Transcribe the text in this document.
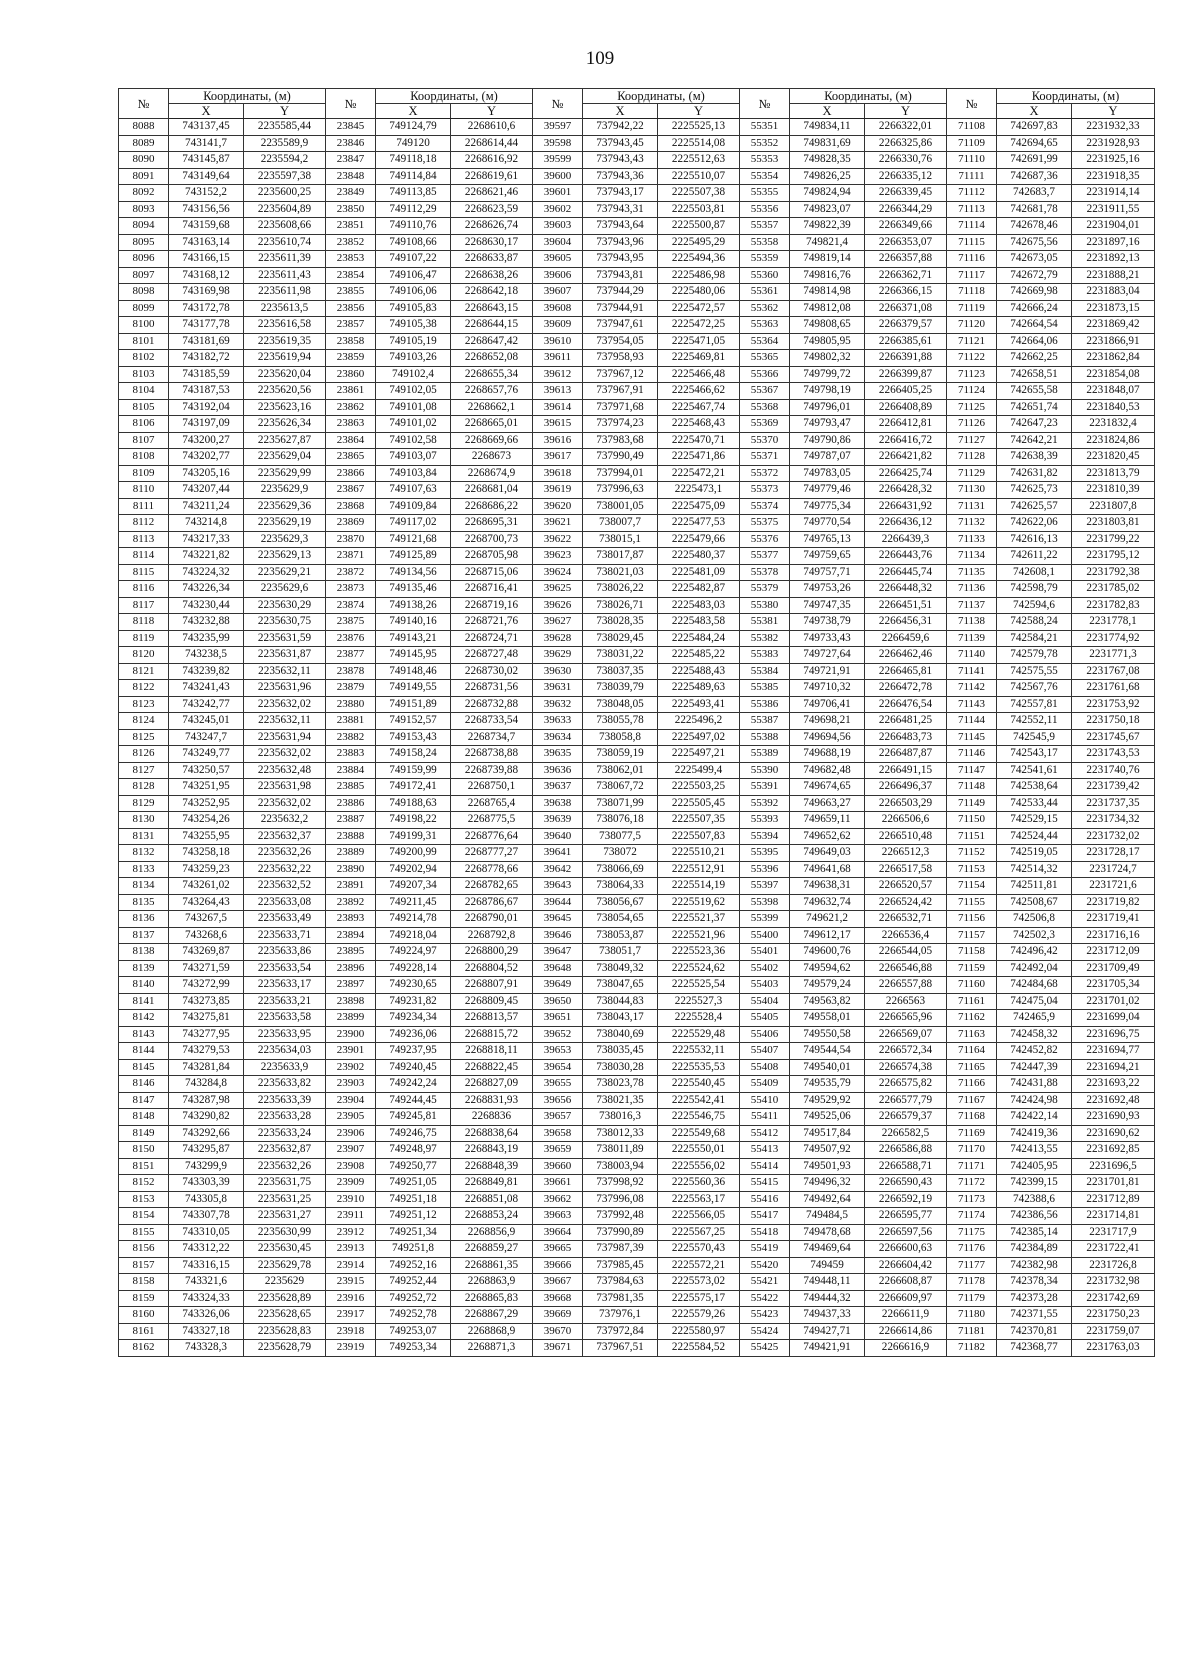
109
№	Координаты, (м)		№	Координаты, (м)		№	Координаты, (м)		№	Координаты, (м)		№	Координаты, (м)	
	X	Y		X	Y		X	Y		X	Y		X	Y
8088	743137,45	2235585,44	23845	749124,79	2268610,6	39597	737942,22	2225525,13	55351	749834,11	2266322,01	71108	742697,83	2231932,33
8089	743141,7	2235589,9	23846	749120	2268614,44	39598	737943,45	2225514,08	55352	749831,69	2266325,86	71109	742694,65	2231928,93
8090	743145,87	2235594,2	23847	749118,18	2268616,92	39599	737943,43	2225512,63	55353	749828,35	2266330,76	71110	742691,99	2231925,16
8091	743149,64	2235597,38	23848	749114,84	2268619,61	39600	737943,36	2225510,07	55354	749826,25	2266335,12	71111	742687,36	2231918,35
8092	743152,2	2235600,25	23849	749113,85	2268621,46	39601	737943,17	2225507,38	55355	749824,94	2266339,45	71112	742683,7	2231914,14
8093	743156,56	2235604,89	23850	749112,29	2268623,59	39602	737943,31	2225503,81	55356	749823,07	2266344,29	71113	742681,78	2231911,55
8094	743159,68	2235608,66	23851	749110,76	2268626,74	39603	737943,64	2225500,87	55357	749822,39	2266349,66	71114	742678,46	2231904,01
8095	743163,14	2235610,74	23852	749108,66	2268630,17	39604	737943,96	2225495,29	55358	749821,4	2266353,07	71115	742675,56	2231897,16
8096	743166,15	2235611,39	23853	749107,22	2268633,87	39605	737943,95	2225494,36	55359	749819,14	2266357,88	71116	742673,05	2231892,13
8097	743168,12	2235611,43	23854	749106,47	2268638,26	39606	737943,81	2225486,98	55360	749816,76	2266362,71	71117	742672,79	2231888,21
8098	743169,98	2235611,98	23855	749106,06	2268642,18	39607	737944,29	2225480,06	55361	749814,98	2266366,15	71118	742669,98	2231883,04
8099	743172,78	2235613,5	23856	749105,83	2268643,15	39608	737944,91	2225472,57	55362	749812,08	2266371,08	71119	742666,24	2231873,15
8100	743177,78	2235616,58	23857	749105,38	2268644,15	39609	737947,61	2225472,25	55363	749808,65	2266379,57	71120	742664,54	2231869,42
8101	743181,69	2235619,35	23858	749105,19	2268647,42	39610	737954,05	2225471,05	55364	749805,95	2266385,61	71121	742664,06	2231866,91
8102	743182,72	2235619,94	23859	749103,26	2268652,08	39611	737958,93	2225469,81	55365	749802,32	2266391,88	71122	742662,25	2231862,84
8103	743185,59	2235620,04	23860	749102,4	2268655,34	39612	737967,12	2225466,48	55366	749799,72	2266399,87	71123	742658,51	2231854,08
8104	743187,53	2235620,56	23861	749102,05	2268657,76	39613	737967,91	2225466,62	55367	749798,19	2266405,25	71124	742655,58	2231848,07
8105	743192,04	2235623,16	23862	749101,08	2268662,1	39614	737971,68	2225467,74	55368	749796,01	2266408,89	71125	742651,74	2231840,53
8106	743197,09	2235626,34	23863	749101,02	2268665,01	39615	737974,23	2225468,43	55369	749793,47	2266412,81	71126	742647,23	2231832,4
8107	743200,27	2235627,87	23864	749102,58	2268669,66	39616	737983,68	2225470,71	55370	749790,86	2266416,72	71127	742642,21	2231824,86
8108	743202,77	2235629,04	23865	749103,07	2268673	39617	737990,49	2225471,86	55371	749787,07	2266421,82	71128	742638,39	2231820,45
8109	743205,16	2235629,99	23866	749103,84	2268674,9	39618	737994,01	2225472,21	55372	749783,05	2266425,74	71129	742631,82	2231813,79
8110	743207,44	2235629,9	23867	749107,63	2268681,04	39619	737996,63	2225473,1	55373	749779,46	2266428,32	71130	742625,73	2231810,39
8111	743211,24	2235629,36	23868	749109,84	2268686,22	39620	738001,05	2225475,09	55374	749775,34	2266431,92	71131	742625,57	2231807,8
8112	743214,8	2235629,19	23869	749117,02	2268695,31	39621	738007,7	2225477,53	55375	749770,54	2266436,12	71132	742622,06	2231803,81
8113	743217,33	2235629,3	23870	749121,68	2268700,73	39622	738015,1	2225479,66	55376	749765,13	2266439,3	71133	742616,13	2231799,22
8114	743221,82	2235629,13	23871	749125,89	2268705,98	39623	738017,87	2225480,37	55377	749759,65	2266443,76	71134	742611,22	2231795,12
8115	743224,32	2235629,21	23872	749134,56	2268715,06	39624	738021,03	2225481,09	55378	749757,71	2266445,74	71135	742608,1	2231792,38
8116	743226,34	2235629,6	23873	749135,46	2268716,41	39625	738026,22	2225482,87	55379	749753,26	2266448,32	71136	742598,79	2231785,02
8117	743230,44	2235630,29	23874	749138,26	2268719,16	39626	738026,71	2225483,03	55380	749747,35	2266451,51	71137	742594,6	2231782,83
8118	743232,88	2235630,75	23875	749140,16	2268721,76	39627	738028,35	2225483,58	55381	749738,79	2266456,31	71138	742588,24	2231778,1
8119	743235,99	2235631,59	23876	749143,21	2268724,71	39628	738029,45	2225484,24	55382	749733,43	2266459,6	71139	742584,21	2231774,92
8120	743238,5	2235631,87	23877	749145,95	2268727,48	39629	738031,22	2225485,22	55383	749727,64	2266462,46	71140	742579,78	2231771,3
8121	743239,82	2235632,11	23878	749148,46	2268730,02	39630	738037,35	2225488,43	55384	749721,91	2266465,81	71141	742575,55	2231767,08
8122	743241,43	2235631,96	23879	749149,55	2268731,56	39631	738039,79	2225489,63	55385	749710,32	2266472,78	71142	742567,76	2231761,68
8123	743242,77	2235632,02	23880	749151,89	2268732,88	39632	738048,05	2225493,41	55386	749706,41	2266476,54	71143	742557,81	2231753,92
8124	743245,01	2235632,11	23881	749152,57	2268733,54	39633	738055,78	2225496,2	55387	749698,21	2266481,25	71144	742552,11	2231750,18
8125	743247,7	2235631,94	23882	749153,43	2268734,7	39634	738058,8	2225497,02	55388	749694,56	2266483,73	71145	742545,9	2231745,67
8126	743249,77	2235632,02	23883	749158,24	2268738,88	39635	738059,19	2225497,21	55389	749688,19	2266487,87	71146	742543,17	2231743,53
8127	743250,57	2235632,48	23884	749159,99	2268739,88	39636	738062,01	2225499,4	55390	749682,48	2266491,15	71147	742541,61	2231740,76
8128	743251,95	2235631,98	23885	749172,41	2268750,1	39637	738067,72	2225503,25	55391	749674,65	2266496,37	71148	742538,64	2231739,42
8129	743252,95	2235632,02	23886	749188,63	2268765,4	39638	738071,99	2225505,45	55392	749663,27	2266503,29	71149	742533,44	2231737,35
8130	743254,26	2235632,2	23887	749198,22	2268775,5	39639	738076,18	2225507,35	55393	749659,11	2266506,6	71150	742529,15	2231734,32
8131	743255,95	2235632,37	23888	749199,31	2268776,64	39640	738077,5	2225507,83	55394	749652,62	2266510,48	71151	742524,44	2231732,02
8132	743258,18	2235632,26	23889	749200,99	2268777,27	39641	738072	2225510,21	55395	749649,03	2266512,3	71152	742519,05	2231728,17
8133	743259,23	2235632,22	23890	749202,94	2268778,66	39642	738066,69	2225512,91	55396	749641,68	2266517,58	71153	742514,32	2231724,7
8134	743261,02	2235632,52	23891	749207,34	2268782,65	39643	738064,33	2225514,19	55397	749638,31	2266520,57	71154	742511,81	2231721,6
8135	743264,43	2235633,08	23892	749211,45	2268786,67	39644	738056,67	2225519,62	55398	749632,74	2266524,42	71155	742508,67	2231719,82
8136	743267,5	2235633,49	23893	749214,78	2268790,01	39645	738054,65	2225521,37	55399	749621,2	2266532,71	71156	742506,8	2231719,41
8137	743268,6	2235633,71	23894	749218,04	2268792,8	39646	738053,87	2225521,96	55400	749612,17	2266536,4	71157	742502,3	2231716,16
8138	743269,87	2235633,86	23895	749224,97	2268800,29	39647	738051,7	2225523,36	55401	749600,76	2266544,05	71158	742496,42	2231712,09
8139	743271,59	2235633,54	23896	749228,14	2268804,52	39648	738049,32	2225524,62	55402	749594,62	2266546,88	71159	742492,04	2231709,49
8140	743272,99	2235633,17	23897	749230,65	2268807,91	39649	738047,65	2225525,54	55403	749579,24	2266557,88	71160	742484,68	2231705,34
8141	743273,85	2235633,21	23898	749231,82	2268809,45	39650	738044,83	2225527,3	55404	749563,82	2266563	71161	742475,04	2231701,02
8142	743275,81	2235633,58	23899	749234,34	2268813,57	39651	738043,17	2225528,4	55405	749558,01	2266565,96	71162	742465,9	2231699,04
8143	743277,95	2235633,95	23900	749236,06	2268815,72	39652	738040,69	2225529,48	55406	749550,58	2266569,07	71163	742458,32	2231696,75
8144	743279,53	2235634,03	23901	749237,95	2268818,11	39653	738035,45	2225532,11	55407	749544,54	2266572,34	71164	742452,82	2231694,77
8145	743281,84	2235633,9	23902	749240,45	2268822,45	39654	738030,28	2225535,53	55408	749540,01	2266574,38	71165	742447,39	2231694,21
8146	743284,8	2235633,82	23903	749242,24	2268827,09	39655	738023,78	2225540,45	55409	749535,79	2266575,82	71166	742431,88	2231693,22
8147	743287,98	2235633,39	23904	749244,45	2268831,93	39656	738021,35	2225542,41	55410	749529,92	2266577,79	71167	742424,98	2231692,48
8148	743290,82	2235633,28	23905	749245,81	2268836	39657	738016,3	2225546,75	55411	749525,06	2266579,37	71168	742422,14	2231690,93
8149	743292,66	2235633,24	23906	749246,75	2268838,64	39658	738012,33	2225549,68	55412	749517,84	2266582,5	71169	742419,36	2231690,62
8150	743295,87	2235632,87	23907	749248,97	2268843,19	39659	738011,89	2225550,01	55413	749507,92	2266586,88	71170	742413,55	2231692,85
8151	743299,9	2235632,26	23908	749250,77	2268848,39	39660	738003,94	2225556,02	55414	749501,93	2266588,71	71171	742405,95	2231696,5
8152	743303,39	2235631,75	23909	749251,05	2268849,81	39661	737998,92	2225560,36	55415	749496,32	2266590,43	71172	742399,15	2231701,81
8153	743305,8	2235631,25	23910	749251,18	2268851,08	39662	737996,08	2225563,17	55416	749492,64	2266592,19	71173	742388,6	2231712,89
8154	743307,78	2235631,27	23911	749251,12	2268853,24	39663	737992,48	2225566,05	55417	749484,5	2266595,77	71174	742386,56	2231714,81
8155	743310,05	2235630,99	23912	749251,34	2268856,9	39664	737990,89	2225567,25	55418	749478,68	2266597,56	71175	742385,14	2231717,9
8156	743312,22	2235630,45	23913	749251,8	2268859,27	39665	737987,39	2225570,43	55419	749469,64	2266600,63	71176	742384,89	2231722,41
8157	743316,15	2235629,78	23914	749252,16	2268861,35	39666	737985,45	2225572,21	55420	749459	2266604,42	71177	742382,98	2231726,8
8158	743321,6	2235629	23915	749252,44	2268863,9	39667	737984,63	2225573,02	55421	749448,11	2266608,87	71178	742378,34	2231732,98
8159	743324,33	2235628,89	23916	749252,72	2268865,83	39668	737981,35	2225575,17	55422	749444,32	2266609,97	71179	742373,28	2231742,69
8160	743326,06	2235628,65	23917	749252,78	2268867,29	39669	737976,1	2225579,26	55423	749437,33	2266611,9	71180	742371,55	2231750,23
8161	743327,18	2235628,83	23918	749253,07	2268868,9	39670	737972,84	2225580,97	55424	749427,71	2266614,86	71181	742370,81	2231759,07
8162	743328,3	2235628,79	23919	749253,34	2268871,3	39671	737967,51	2225584,52	55425	749421,91	2266616,9	71182	742368,77	2231763,03
